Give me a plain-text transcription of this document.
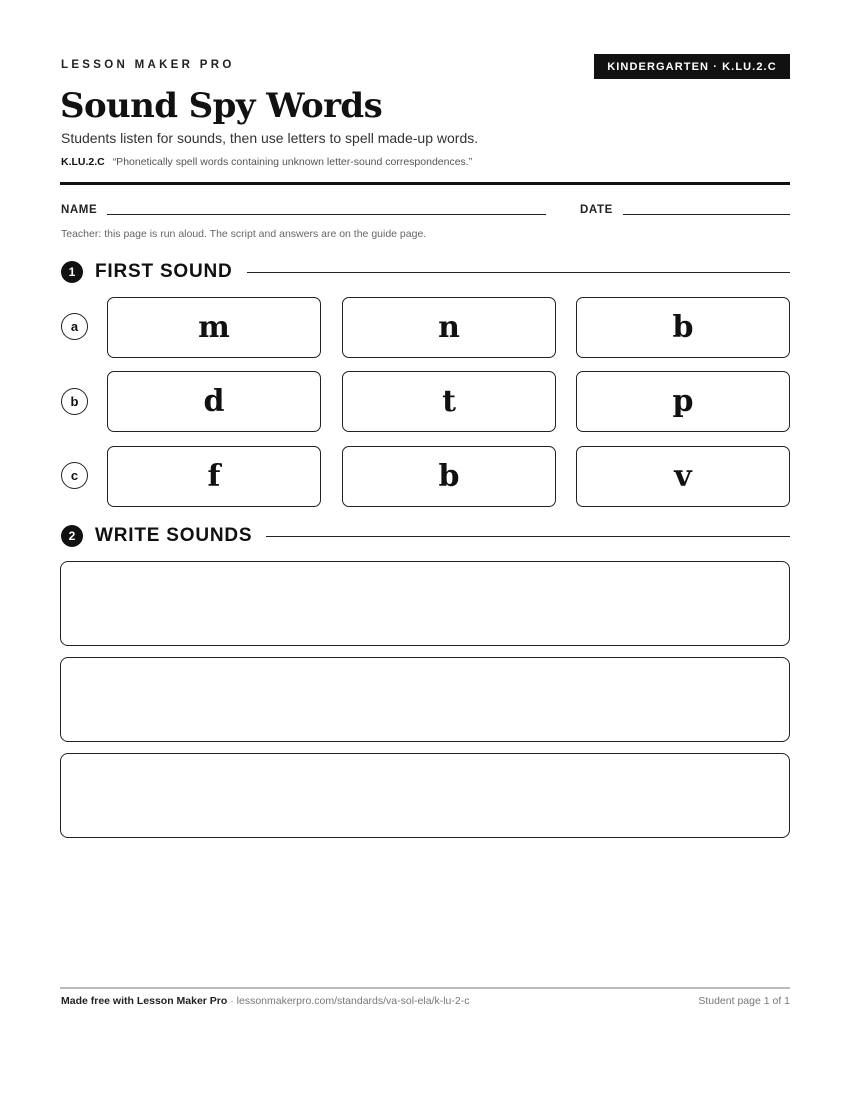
LESSON MAKER PRO	KINDERGARTEN · K.LU.2.C
Sound Spy Words
Students listen for sounds, then use letters to spell made-up words.
K.LU.2.C “Phonetically spell words containing unknown letter-sound correspondences.”
NAME	DATE
Teacher: this page is run aloud. The script and answers are on the guide page.
1	FIRST SOUND
a	m	n	b
b	d	t	p
c	f	b	v
2	WRITE SOUNDS
Made free with Lesson Maker Pro · lessonmakerpro.com/standards/va-sol-ela/k-lu-2-c	Student page 1 of 1
